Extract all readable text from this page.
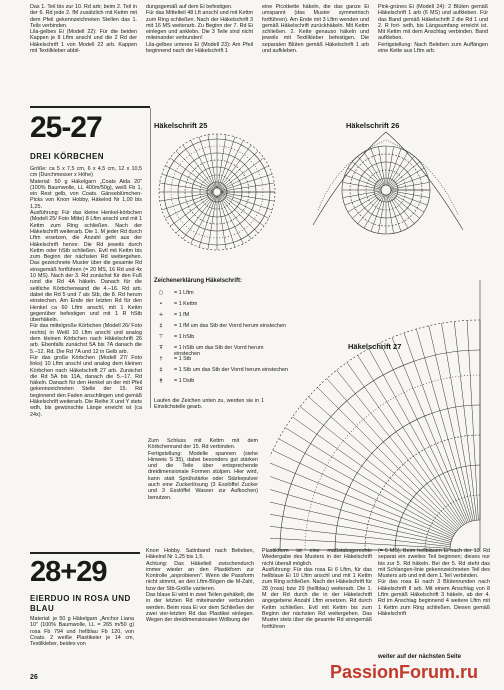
Das 1. Teil bis zur 10. Rd arb; beim 2. Teil in der 6. Rd jede 2. fM zusätzlich mit Kettm mit dem Pfeil gekennzeichneten Stellen das 1. Teils verbinden.
Lila-gelbes Ei (Modell 22): Für die beiden Kappen je 8 Lftm anschl und die 2 Rd der Häkelschrift 1 von Modell 22 arb. Kappen mit Textilkleber abbil-
dungsgemäß auf dem Ei befestigen.
Für das Mittelteil 48 Lft anschl und mit Kettm zum Ring schließen. Nach der Häkelschrift 3 mit 16 MS weiterarb. Zu Beginn der 7. Rd Ei einlegen und anklebn. Die 3 Teile sind nicht miteinander verbunden!
Lila-gelbes unteres Ei (Modell 23): Am Pfeil beginnend nach der Häkelschrift 1
eine Picotkette häkeln, die das ganze Ei umspannt (das Muster symmetrisch fortführen). Am Ende mit 3 Lftm wenden und gemäß Häkelschrift zurückhäkeln. Mit Kettm schließen. 2. Kette genauso häkeln und jeweils mit Textilkleber befestigen. Die separaten Blüten gemäß Häkelschrift 1 arb und aufkleben.
Pink-grünes Ei (Modell 24): 2 Blüten gemäß Häkelschrift 1 arb (6 MS) und aufkleben. Für das Band gemäß Häkelschrift 2 die Rd 1 und 2. R fort- wdh, bis Längsumfang erreicht ist. Mit Kettm mit dem Anschlag verbinden. Band aufkleben.
Fertigstellung: Nach Beleben zum Auffängen eine Kette aus Lftm arb.
25-27
DREI KÖRBCHEN
Größe: ca 5 x 7,5 cm, 6 x 4,5 cm, 12 x 10,5 cm (Durchmesser x Höhe)
Material: 50 g Häkelgarn „Coats Aida 20" (100% Baumwolle, LL 400m/50g), weiß Fb 1, ein Rest gelb, von Coats. Gänseblümchen-Picks von Knorr Hobby, Häkelnd Nr 1,00 bis 1,25.
Ausführung: Für das kleine Henkel-körbchen (Modell 25/ Foto Mitte) 8 Lftm anschl und mit 1 Kettm zum Ring schließen. Nach der Häkelschrift weiterarb. Die 1. M jeder Rd durch Lftm ersetzen, die Anzahl geht aus der Häkelschrift hervor. Die Rd jeweils durch Kettm oder hStb schließen. Evtl mit Kettm bis zum Beginn der nächsten Rd weitergehen. Das gezeichnete Muster über die gesamte Rd einsgemäß fortführen (= 20 MS, 16 Rd und 4x 10 MS). Nach der 3. Rd zunächst für den Fuß rund die Rd 4A häkeln. Danach für die seitliche Körbchenwand die 4.–16. Rd arb. dabei die Rd 5 und 7 als Stb, die 8. Rd herum einstechen. Am Ende der letzten Rd für den Henkel ca 60 Lftm anschl, mit 1 Kettm gegenüber befestigen und mit 1 R hStb überhäkeln.
Für das mittelgroße Körbchen (Modell 26/ Foto rechts) in Weiß 10 Lftm anschl und analog dem kleinen Körbchen nach Häkelschrift 26 arb. Ebenfalls zunächst 5A bis 7A danach die 5.–12. Rd. Die Rd 7A und 12 in Gelb arb.
Für das große Körbchen (Modell 27/ Foto links) 10 Lftm anschl und analog dem kleinen Körbchen nach Häkelschrift 27 arb. Zunächst die Rd 5A bis 11A, danach die 5.–17. Rd häkeln. Danach für den Henkel an der mit Pfeil gekennzeichneten Stelle der 15. Rd beginnend den Faden anschlingen und gemäß Häkelschrift weiterarb. Die Reihe X und Y stets wdh, bis gewünschte Länge erreicht ist (ca 24x).
Häkelschrift 25	Häkelschrift 26
Häkelschrift 27
Zeichenerklärung Häkelschrift:
○	= 1 Lftm
•	= 1 Kettm
+	= 1 fM
‡	= 1 fM um das Stb der Vorrd herum einstechen
⊤	= 1 hStb
Ŧ	= 1 hStb um das Stb der Vorrd herum einstechen
†	= 1 Stb
‡	= 1 Stb um das Stb der Vorrd herum einstechen
ǂ	= 1 Dstb
Laufen die Zeichen unten zu, werden sie in 1 Einstichstelle gearb.
Zum Schluss mit Kettm mit dem Körbchenrand der 15. Rd verbinden.
Fertigstellung: Modelle spannen (siehe Hinweis S 35), dabei besonders gut stärken und die Teile über entsprechende dreidimensionale Formen stülpen. Hier wird, kann statt Sprühstärke oder Stärkepulver auch eine Zuckerlösung (3 Esslöffel Zucker und 3 Esslöffel Wasser zur Aufkochen) benutzen.
28+29
EIERDUO IN ROSA UND BLAU
Material: je 50 g Häkelgarn „Anchor Liana 10" (100% Baumwolle, LL = 265 m/50 g) rosa Fb 794 und hellblau Fb 120, von Coats. 2 weiße Plastikeier je 14 cm, Textilkleber, beides von
Knorr Hobby. Satinband nach Belieben, Häkelnd Nr 1,25 bis 1,5.
Achtung: Das Häkelteil zwischendurch immer wieder an den Plastikform zur Kontrolle „anprobieren". Wenn die Passform nicht stimmt, an den Lftm-Bögen die M-Zahl, bzw der Stb-Größe variieren.
Das blaue Ei wird in zwei Teilen gehäkelt, die in der letzten Rd miteinander verbunden werden. Beim rosa Ei vor dem Schließen der zwei vier-letzten Rd das Plastikei einlegen. Wegen der dreidimensionalen Wölbung der
Plastikform ist eine maßstabsgerechte Wiedergabe des Musters in der Häkelschrift nicht überall möglich.
Ausführung: Für das rosa Ei 6 Lftm, für das hellblaue Ei 10 Lftm anschl und mit 1 Kettm zum Ring schließen. Nach der Häkelschrift für 28 (rosa) bzw 29 (hellblau) weiterarb. Die 1. M der Rd durch die in der Häkelschrift angegebene Anzahl Lftm ersetzen. Rd durch Kettm schließen. Evtl mit Kettm bis zum Beginn der nächsten Rd weitergehen. Das Muster stets über die gesamte Rd sinngemäß fortführen
(= 6 MS). Beim hellblauen Ei nach der 13. Rd separat ein zweites Teil beginnen; dieses nur bis zur 5. Rd häkeln. Bei der 5. Rd steht das mit Schlangen-linie gekennzeichneten Teil des Musters arb und mit dem 1.Teil verbinden.
Für das rosa Ei nach 3 Blütenrunden nach Häkelschrift II arb. Mit einem Anschlag von 8 Lftm gemäß Häkelschrift 3 häkeln, ab der 4. Rd im Anschlag beginnend 4 weitere Lftm mit 1 Kettm zum Ring schließen. Diesen gemäß Häkelschrift
weiter auf der nächsten Seite
26	PassionForum.ru
